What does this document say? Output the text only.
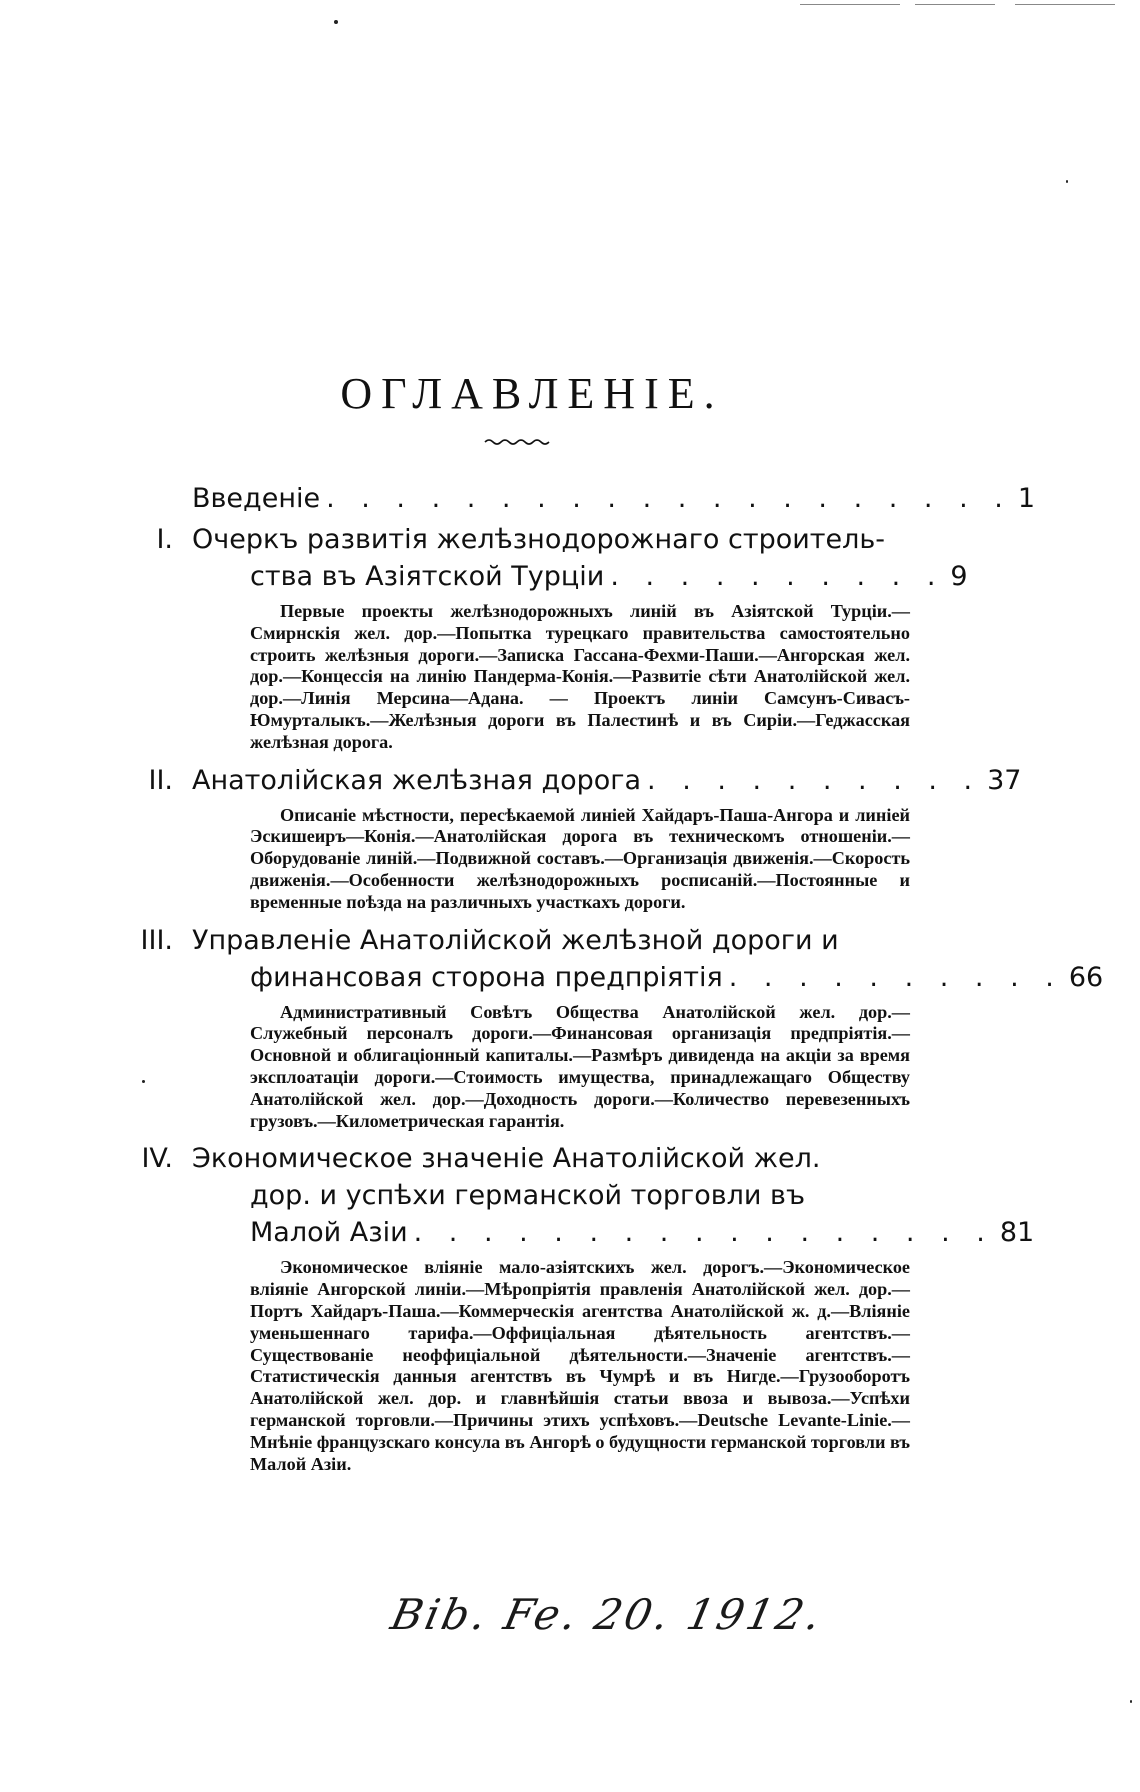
ОГЛАВЛЕНІЕ.
Введеніе . . . . . . . . . . . . . . . . . . . . 1
I. Очеркъ развитія желѣзнодорожнаго строитель-
ства въ Азіятской Турціи . . . . . . . . . . 9
Первые проекты желѣзнодорожныхъ линій въ Азіятской Турціи.—Смирнскія жел. дор.—Попытка турецкаго правительства самостоятельно строить желѣзныя дороги.—Записка Гассана-Фехми-Паши.—Ангорская жел. дор.—Концессія на линію Пандерма-Конія.—Развитіе сѣти Анатолійской жел. дор.—Линія Мерсина—Адана. — Проектъ линіи Самсунъ-Сивасъ-Юмурталыкъ.—Желѣзныя дороги въ Палестинѣ и въ Сиріи.—Геджасская желѣзная дорога.
II. Анатолійская желѣзная дорога . . . . . . . . . . 37
Описаніе мѣстности, пересѣкаемой линіей Хайдаръ-Паша-Ангора и линіей Эскишеиръ—Конія.—Анатолійская дорога въ техническомъ отношеніи.—Оборудованіе линій.—Подвижной составъ.—Организація движенія.—Скорость движенія.—Особенности желѣзнодорожныхъ росписаній.—Постоянные и временные поѣзда на различныхъ участкахъ дороги.
III. Управленіе Анатолійской желѣзной дороги и
финансовая сторона предпріятія . . . . . . . . . . 66
Административный Совѣтъ Общества Анатолійской жел. дор.—Служебный персоналъ дороги.—Финансовая организація предпріятія.—Основной и облигаціонный капиталы.—Размѣръ дивиденда на акціи за время эксплоатаціи дороги.—Стоимость имущества, принадлежащаго Обществу Анатолійской жел. дор.—Доходность дороги.—Количество перевезенныхъ грузовъ.—Километрическая гарантія.
IV. Экономическое значеніе Анатолійской жел.
дор. и успѣхи германской торговли въ
Малой Азіи . . . . . . . . . . . . . . . . . 81
Экономическое вліяніе мало-азіятскихъ жел. дорогъ.—Экономическое вліяніе Ангорской линіи.—Мѣропріятія правленія Анатолійской жел. дор.—Портъ Хайдаръ-Паша.—Коммерческія агентства Анатолійской ж. д.—Вліяніе уменьшеннаго тарифа.—Оффиціальная дѣятельность агентствъ.—Существованіе неоффиціальной дѣятельности.—Значеніе агентствъ.—Статистическія данныя агентствъ въ Чумрѣ и въ Нигде.—Грузооборотъ Анатолійской жел. дор. и главнѣйшія статьи ввоза и вывоза.—Успѣхи германской торговли.—Причины этихъ успѣховъ.—Deutsche Levante-Linie.—Мнѣніе французскаго консула въ Ангорѣ о будущности германской торговли въ Малой Азіи.
Bib. Fe. 20. 1912.
